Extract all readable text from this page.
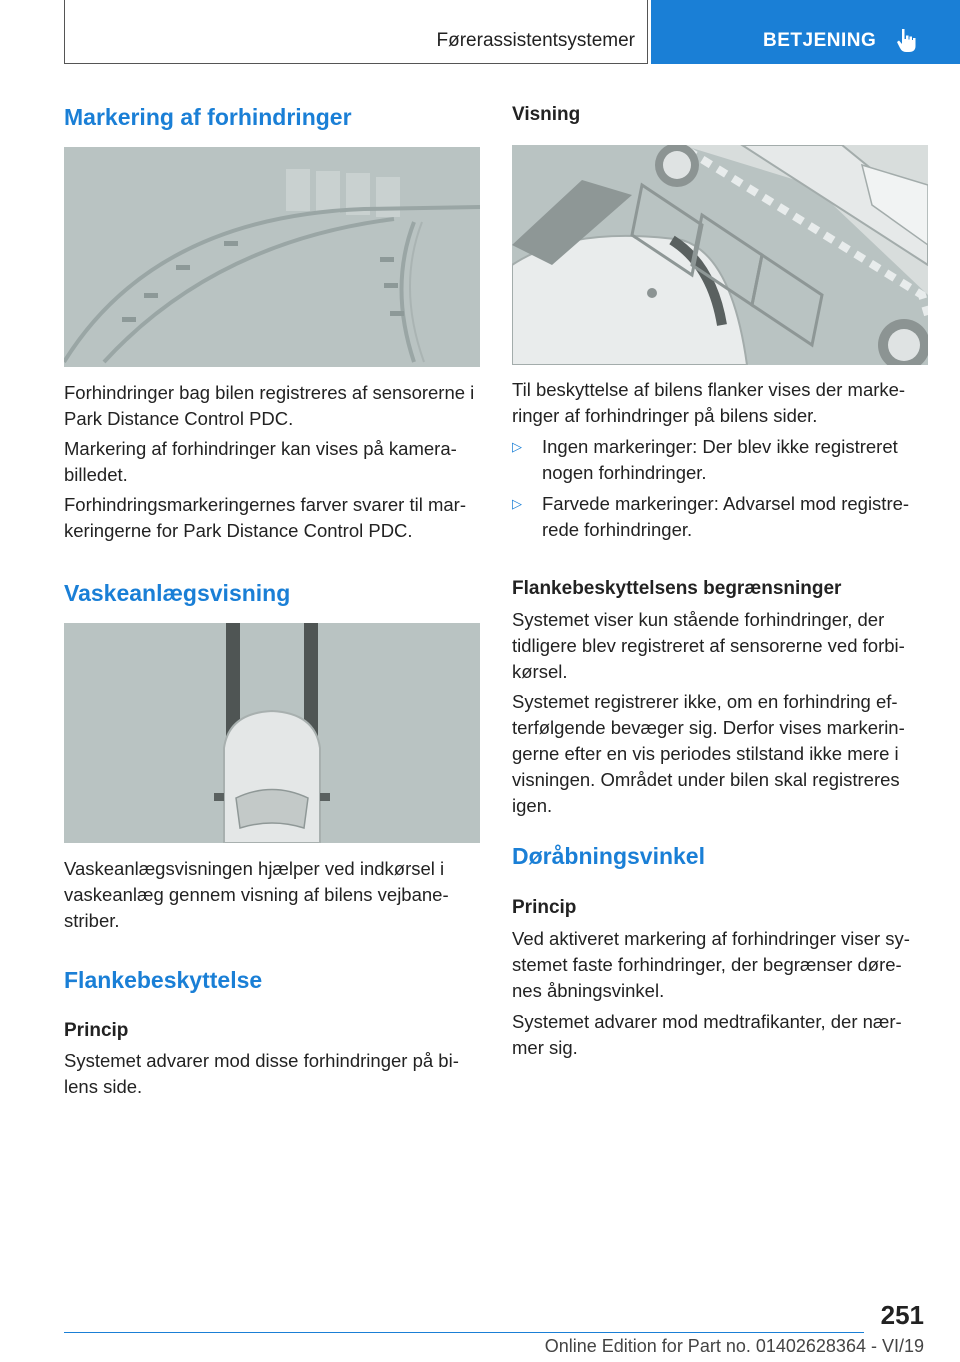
Førerassistentsystemer	BETJENING
Markering af forhindringer

Forhindringer bag bilen registreres af sensorerne i Park Distance Control PDC.

Markering af forhindringer kan vises på kamera-billedet.

Forhindringsmarkeringernes farver svarer til mar-keringerne for Park Distance Control PDC.

Vaskeanlægsvisning

Vaskeanlægsvisningen hjælper ved indkørsel i vaskeanlæg gennem visning af bilens vejbane-striber.

Flankebeskyttelse
Princip

Systemet advarer mod disse forhindringer på bi-lens side.

Visning

Til beskyttelse af bilens flanker vises der marke-ringer af forhindringer på bilens sider.

▷ Ingen markeringer: Der blev ikke registreret nogen forhindringer.
▷ Farvede markeringer: Advarsel mod registre-rede forhindringer.
Flankebeskyttelsens begrænsninger

Systemet viser kun stående forhindringer, der tidligere blev registreret af sensorerne ved forbi-kørsel.

Systemet registrerer ikke, om en forhindring ef-terfølgende bevæger sig. Derfor vises markerin-gerne efter en vis periodes stilstand ikke mere i visningen. Området under bilen skal registreres igen.

Døråbningsvinkel
Princip

Ved aktiveret markering af forhindringer viser sy-stemet faste forhindringer, der begrænser døre-nes åbningsvinkel.

Systemet advarer mod medtrafikanter, der nær-mer sig.

251
Online Edition for Part no. 01402628364 - VI/19
